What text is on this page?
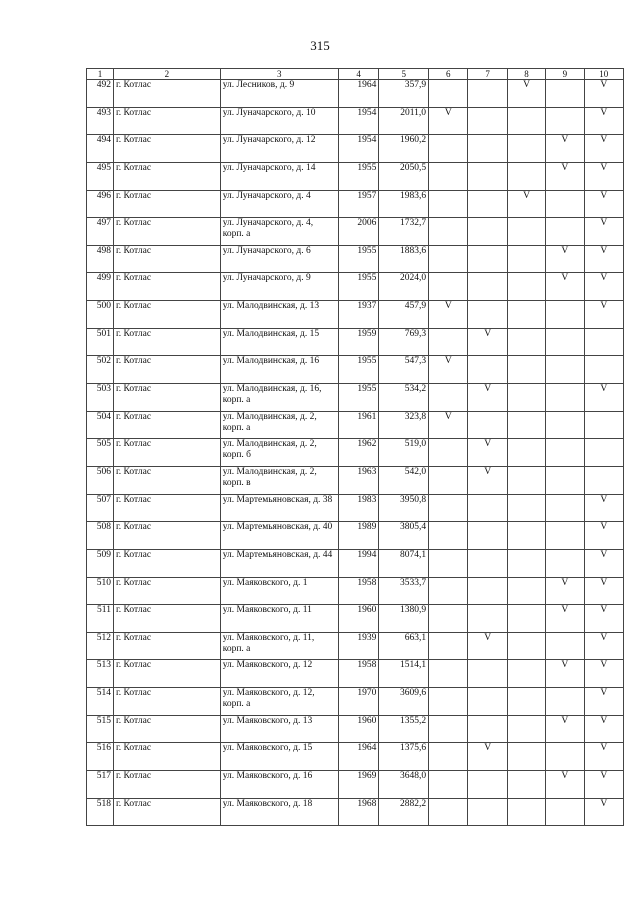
315
1	2	3	4	5	6	7	8	9	10
492	г. Котлас	ул. Лесников, д. 9	1964	357,9			V		V
493	г. Котлас	ул. Луначарского, д. 10	1954	2011,0	V				V
494	г. Котлас	ул. Луначарского, д. 12	1954	1960,2				V	V
495	г. Котлас	ул. Луначарского, д. 14	1955	2050,5				V	V
496	г. Котлас	ул. Луначарского, д. 4	1957	1983,6			V		V
497	г. Котлас	ул. Луначарского, д. 4, корп. а	2006	1732,7					V
498	г. Котлас	ул. Луначарского, д. 6	1955	1883,6				V	V
499	г. Котлас	ул. Луначарского, д. 9	1955	2024,0				V	V
500	г. Котлас	ул. Малодвинская, д. 13	1937	457,9	V				V
501	г. Котлас	ул. Малодвинская, д. 15	1959	769,3		V			
502	г. Котлас	ул. Малодвинская, д. 16	1955	547,3	V				
503	г. Котлас	ул. Малодвинская, д. 16, корп. а	1955	534,2		V			V
504	г. Котлас	ул. Малодвинская, д. 2, корп. а	1961	323,8	V				
505	г. Котлас	ул. Малодвинская, д. 2, корп. б	1962	519,0		V			
506	г. Котлас	ул. Малодвинская, д. 2, корп. в	1963	542,0		V			
507	г. Котлас	ул. Мартемьяновская, д. 38	1983	3950,8					V
508	г. Котлас	ул. Мартемьяновская, д. 40	1989	3805,4					V
509	г. Котлас	ул. Мартемьяновская, д. 44	1994	8074,1					V
510	г. Котлас	ул. Маяковского, д. 1	1958	3533,7				V	V
511	г. Котлас	ул. Маяковского, д. 11	1960	1380,9				V	V
512	г. Котлас	ул. Маяковского, д. 11, корп. а	1939	663,1		V			V
513	г. Котлас	ул. Маяковского, д. 12	1958	1514,1				V	V
514	г. Котлас	ул. Маяковского, д. 12, корп. а	1970	3609,6					V
515	г. Котлас	ул. Маяковского, д. 13	1960	1355,2				V	V
516	г. Котлас	ул. Маяковского, д. 15	1964	1375,6		V			V
517	г. Котлас	ул. Маяковского, д. 16	1969	3648,0				V	V
518	г. Котлас	ул. Маяковского, д. 18	1968	2882,2					V
